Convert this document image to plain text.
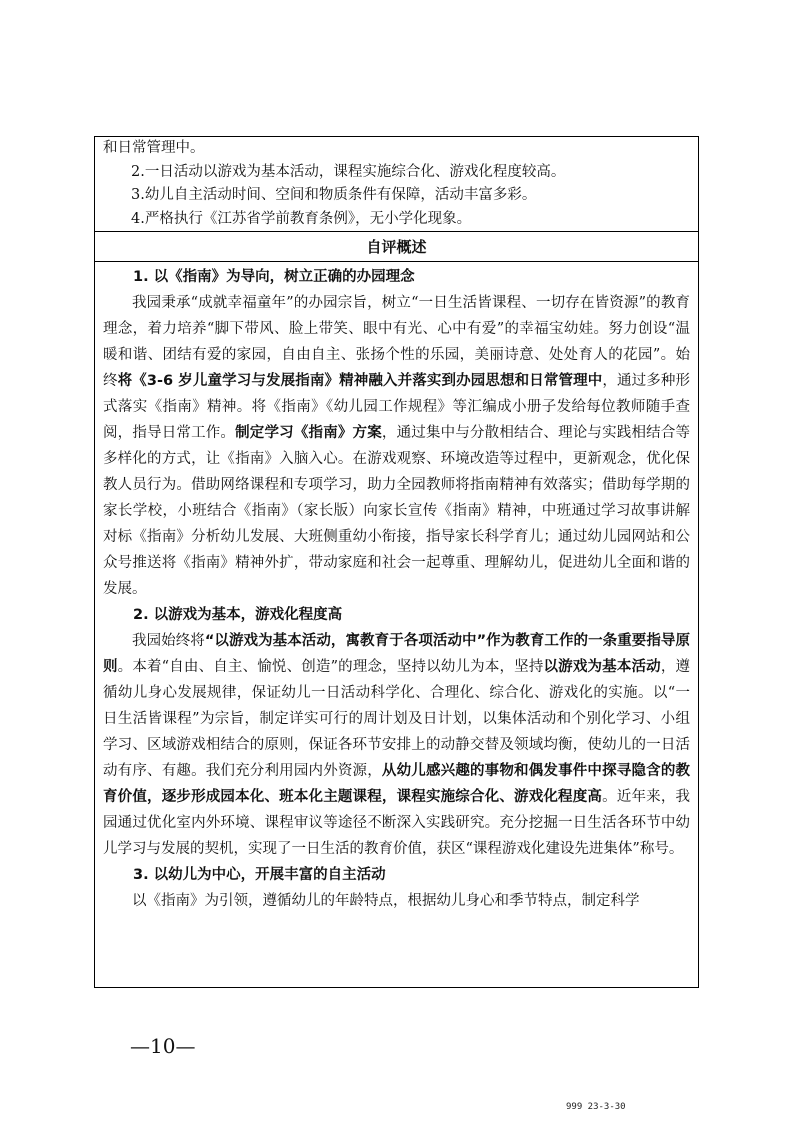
和日常管理中。

2.一日活动以游戏为基本活动，课程实施综合化、游戏化程度较高。

3.幼儿自主活动时间、空间和物质条件有保障，活动丰富多彩。

4.严格执行《江苏省学前教育条例》，无小学化现象。

自评概述

1. 以《指南》为导向，树立正确的办园理念

我园秉承“成就幸福童年”的办园宗旨，树立“一日生活皆课程、一切存在皆资源”的教育理念，着力培养“脚下带风、脸上带笑、眼中有光、心中有爱”的幸福宝幼娃。努力创设“温暖和谐、团结有爱的家园，自由自主、张扬个性的乐园，美丽诗意、处处育人的花园”。始终将《3-6 岁儿童学习与发展指南》精神融入并落实到办园思想和日常管理中，通过多种形式落实《指南》精神。将《指南》《幼儿园工作规程》等汇编成小册子发给每位教师随手查阅，指导日常工作。制定学习《指南》方案，通过集中与分散相结合、理论与实践相结合等多样化的方式，让《指南》入脑入心。在游戏观察、环境改造等过程中，更新观念，优化保教人员行为。借助网络课程和专项学习，助力全园教师将指南精神有效落实；借助每学期的家长学校，小班结合《指南》（家长版）向家长宣传《指南》精神，中班通过学习故事讲解对标《指南》分析幼儿发展、大班侧重幼小衔接，指导家长科学育儿；通过幼儿园网站和公众号推送将《指南》精神外扩，带动家庭和社会一起尊重、理解幼儿，促进幼儿全面和谐的发展。

2. 以游戏为基本，游戏化程度高

我园始终将“以游戏为基本活动，寓教育于各项活动中”作为教育工作的一条重要指导原则。本着“自由、自主、愉悦、创造”的理念，坚持以幼儿为本，坚持以游戏为基本活动，遵循幼儿身心发展规律，保证幼儿一日活动科学化、合理化、综合化、游戏化的实施。以“一日生活皆课程”为宗旨，制定详实可行的周计划及日计划，以集体活动和个别化学习、小组学习、区域游戏相结合的原则，保证各环节安排上的动静交替及领域均衡，使幼儿的一日活动有序、有趣。我们充分利用园内外资源，从幼儿感兴趣的事物和偶发事件中探寻隐含的教育价值，逐步形成园本化、班本化主题课程，课程实施综合化、游戏化程度高。近年来，我园通过优化室内外环境、课程审议等途径不断深入实践研究。充分挖掘一日生活各环节中幼儿学习与发展的契机，实现了一日生活的教育价值，获区“课程游戏化建设先进集体”称号。

3. 以幼儿为中心，开展丰富的自主活动

以《指南》为引领，遵循幼儿的年龄特点，根据幼儿身心和季节特点，制定科学

—10—
999 23-3-30
